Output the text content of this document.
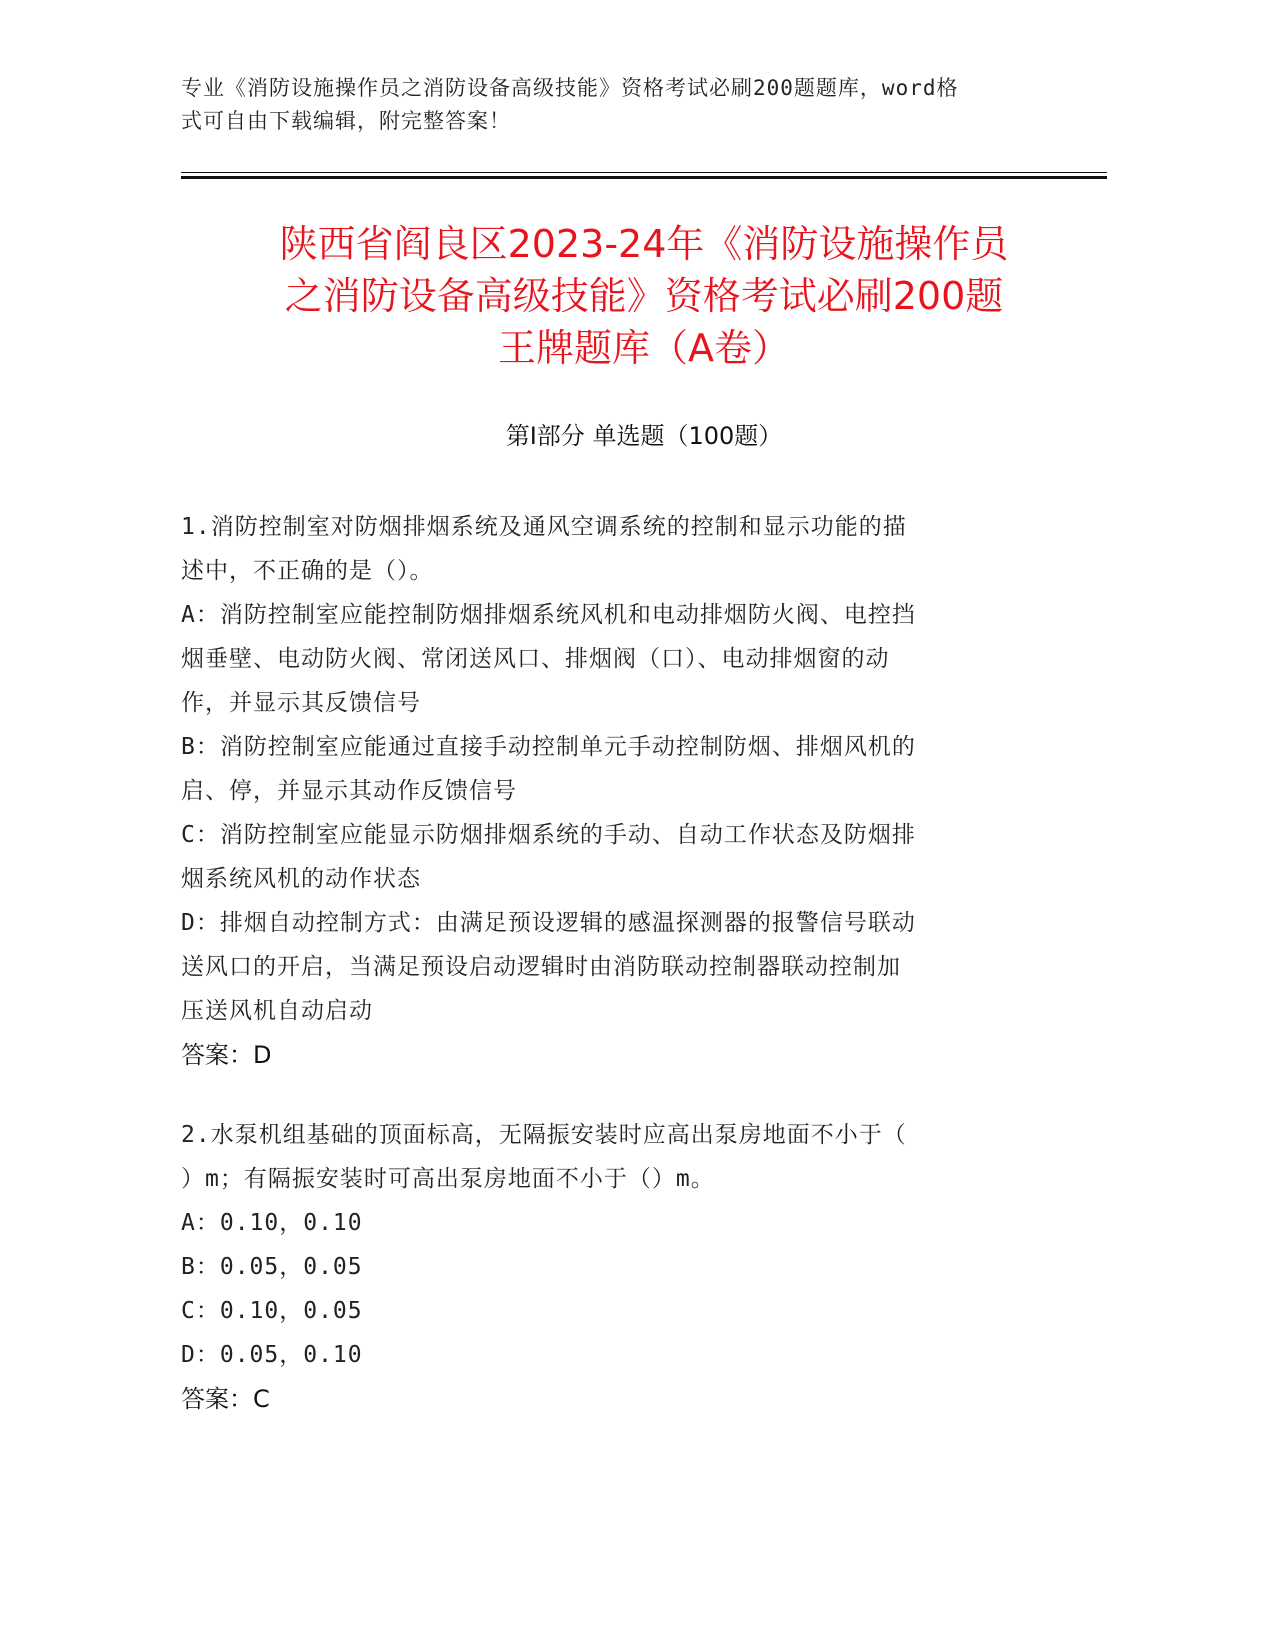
专业《消防设施操作员之消防设备高级技能》资格考试必刷200题题库，word格
式可自由下载编辑，附完整答案！
陕西省阎良区2023-24年《消防设施操作员
之消防设备高级技能》资格考试必刷200题
王牌题库（A卷）
第Ⅰ部分 单选题（100题）
1.消防控制室对防烟排烟系统及通风空调系统的控制和显示功能的描
述中，不正确的是（）。
A：消防控制室应能控制防烟排烟系统风机和电动排烟防火阀、电控挡
烟垂壁、电动防火阀、常闭送风口、排烟阀（口）、电动排烟窗的动
作，并显示其反馈信号
B：消防控制室应能通过直接手动控制单元手动控制防烟、排烟风机的
启、停，并显示其动作反馈信号
C：消防控制室应能显示防烟排烟系统的手动、自动工作状态及防烟排
烟系统风机的动作状态
D：排烟自动控制方式：由满足预设逻辑的感温探测器的报警信号联动
送风口的开启，当满足预设启动逻辑时由消防联动控制器联动控制加
压送风机自动启动
答案：D
2.水泵机组基础的顶面标高，无隔振安装时应高出泵房地面不小于（
）m；有隔振安装时可高出泵房地面不小于（）m。
A：0.10，0.10
B：0.05，0.05
C：0.10，0.05
D：0.05，0.10
答案：C
